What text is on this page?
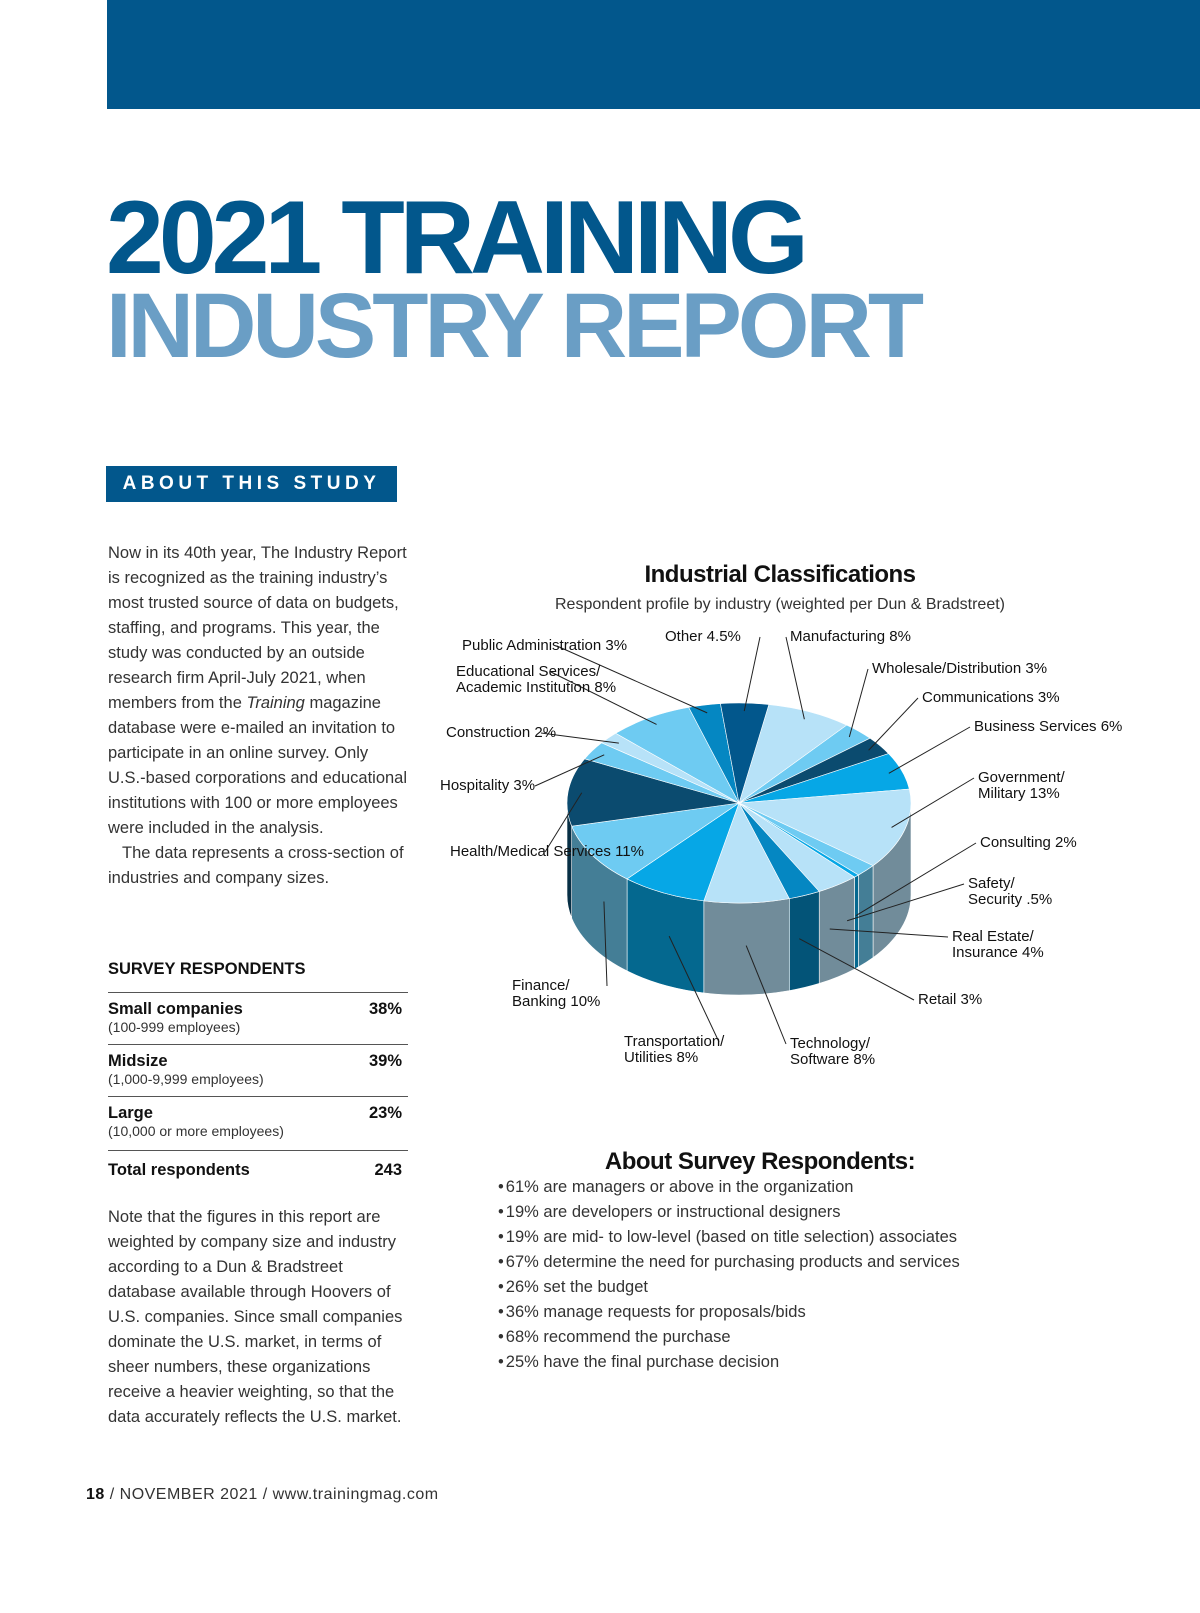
2021 TRAINING
INDUSTRY REPORT
ABOUT THIS STUDY

Now in its 40th year, The Industry Report is recognized as the training industry’s most trusted source of data on budgets, staffing, and programs. This year, the study was conducted by an outside research firm April-July 2021, when members from the Training magazine database were e-mailed an invitation to participate in an online survey. Only U.S.-based corporations and educational institutions with 100 or more employees were included in the analysis.

The data represents a cross-section of industries and company sizes.

SURVEY RESPONDENTS
Small companies	38%
(100-999 employees)
Midsize	39%
(1,000-9,999 employees)
Large	23%
(10,000 or more employees)
Total respondents	243

Note that the figures in this report are weighted by company size and industry according to a Dun & Bradstreet database available through Hoovers of U.S. companies. Since small companies dominate the U.S. market, in terms of sheer numbers, these organizations receive a heavier weighting, so that the data accurately reflects the U.S. market.

18 / NOVEMBER 2021 / www.trainingmag.com
Industrial Classifications
Respondent profile by industry (weighted per Dun & Bradstreet)
Manufacturing 8%
Wholesale/Distribution 3%
Communications 3%
Business Services 6%
Government/
Military 13%
Consulting 2%
Safety/
Security .5%
Real Estate/
Insurance 4%
Retail 3%
Technology/
Software 8%
Transportation/
Utilities 8%
Finance/
Banking 10%
Health/Medical Services 11%
Hospitality 3%
Construction 2%
Educational Services/
Academic Institution 8%
Public Administration 3%
Other 4.5%
About Survey Respondents:
• 61% are managers or above in the organization
• 19% are developers or instructional designers
• 19% are mid- to low-level (based on title selection) associates
• 67% determine the need for purchasing products and services
• 26% set the budget
• 36% manage requests for proposals/bids
• 68% recommend the purchase
• 25% have the final purchase decision
